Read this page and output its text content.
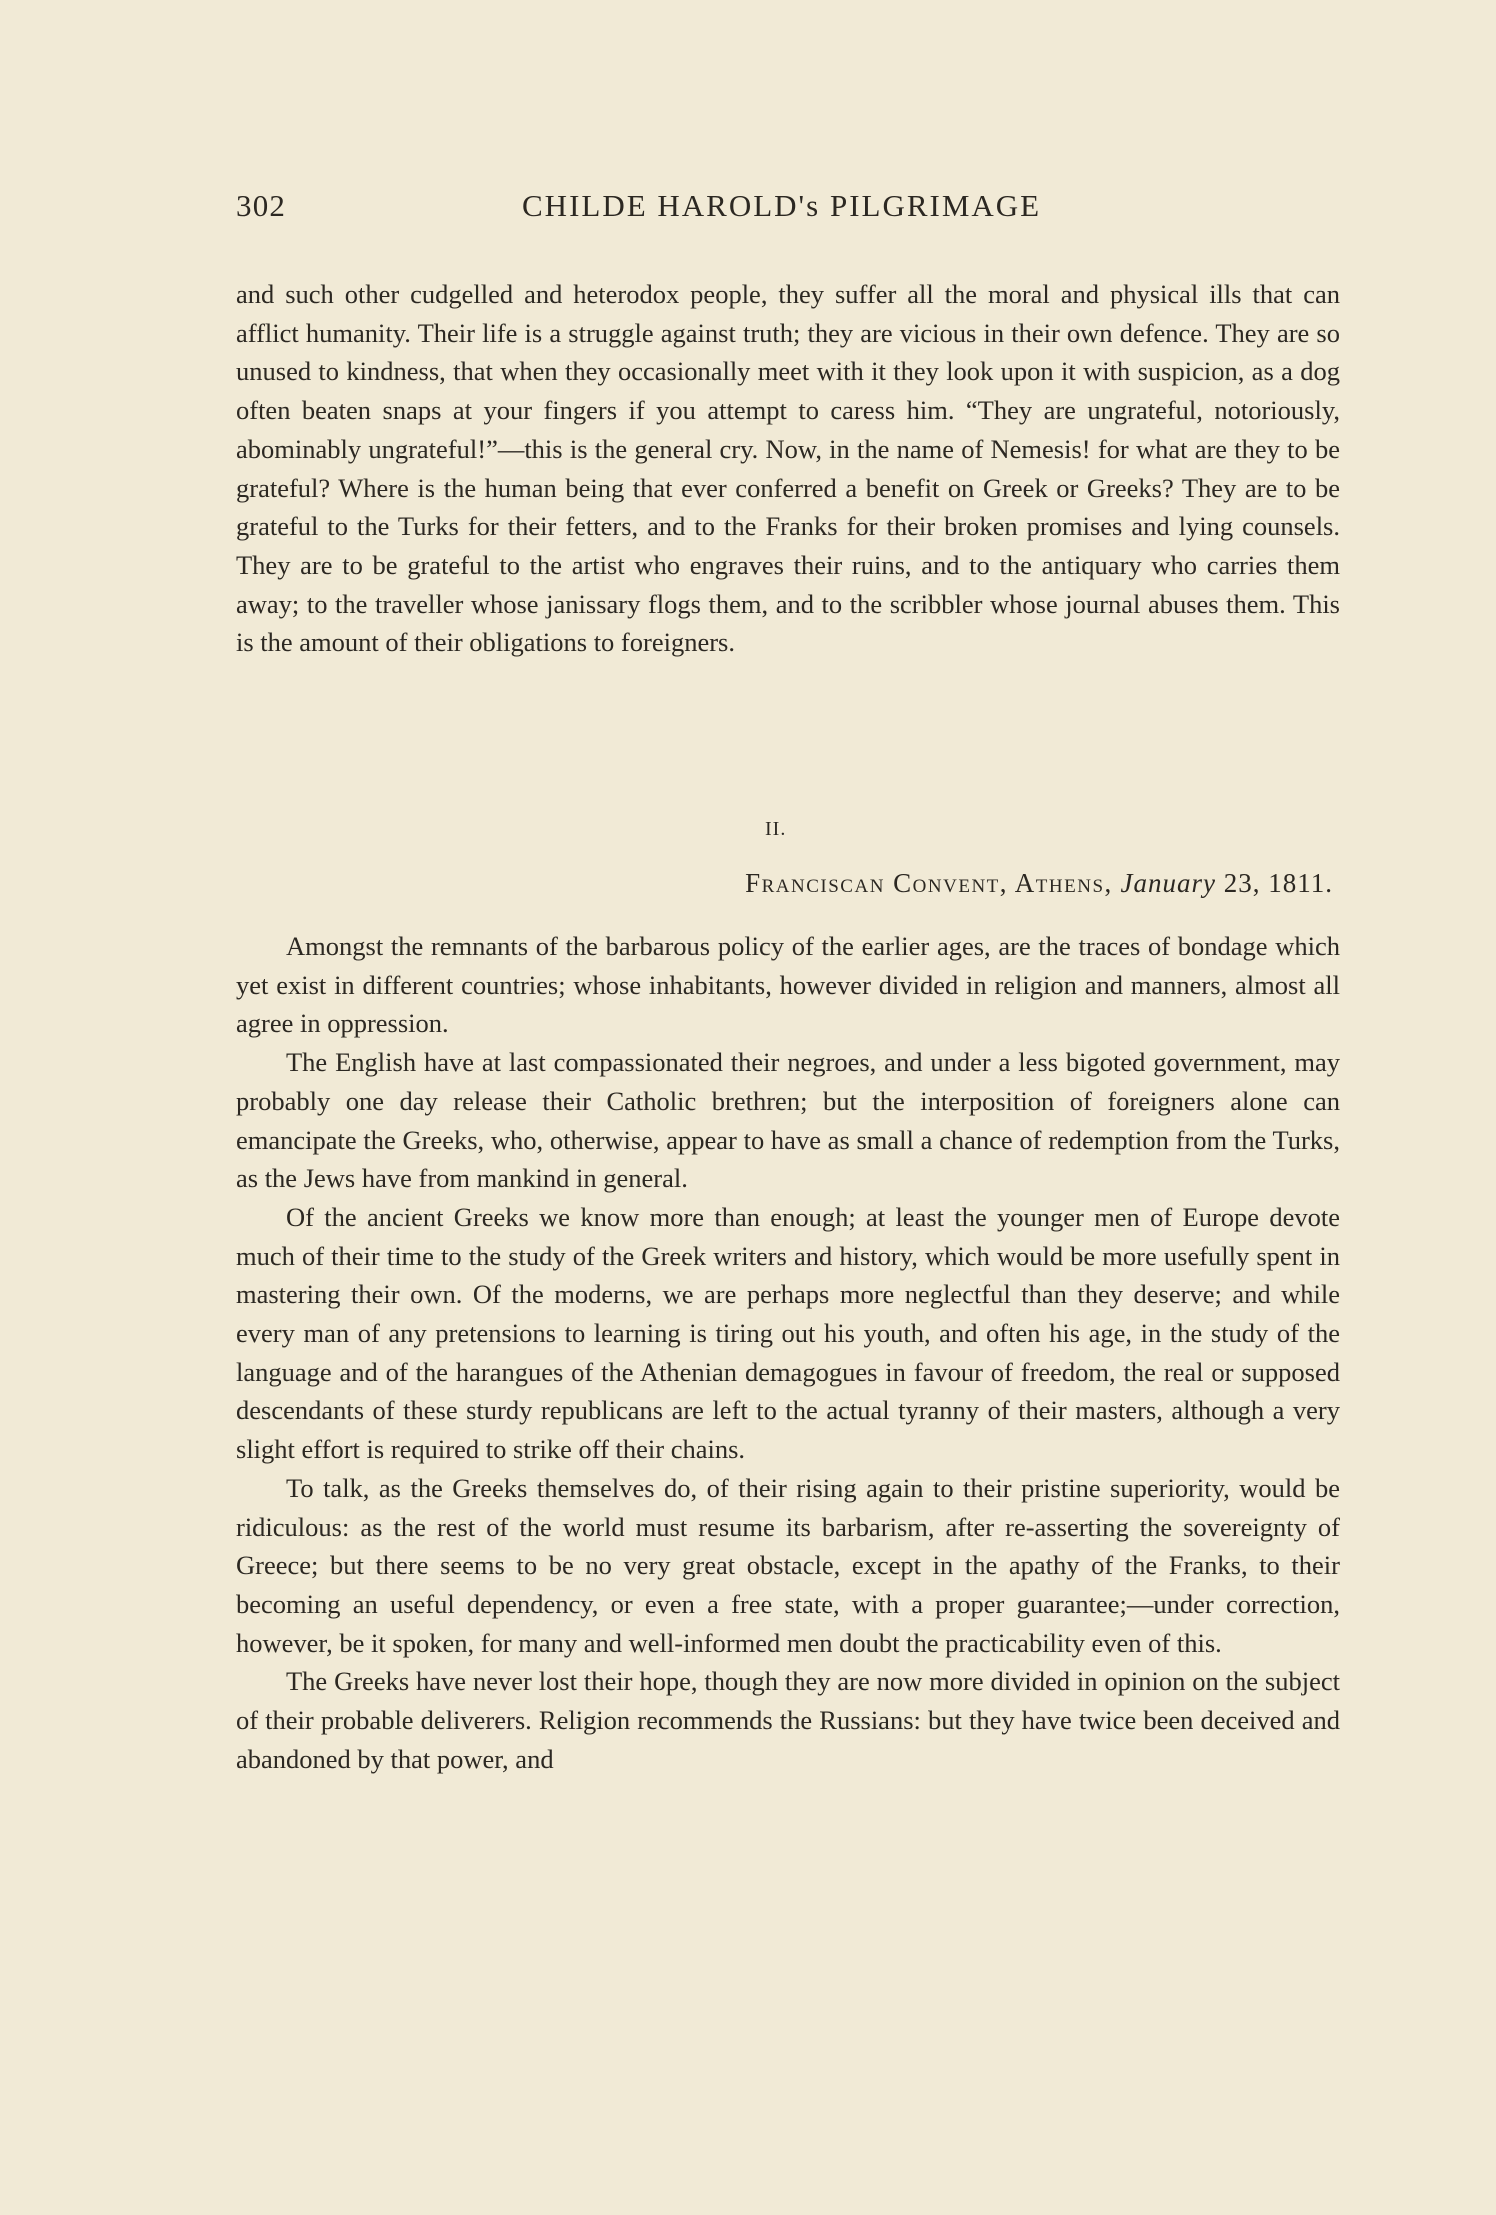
302	CHILDE HAROLD's PILGRIMAGE

and such other cudgelled and heterodox people, they suffer all the moral and physical ills that can afflict humanity. Their life is a struggle against truth; they are vicious in their own defence. They are so unused to kindness, that when they occasionally meet with it they look upon it with suspicion, as a dog often beaten snaps at your fingers if you attempt to caress him. “They are ungrateful, notoriously, abominably ungrateful!”—this is the general cry. Now, in the name of Nemesis! for what are they to be grateful? Where is the human being that ever conferred a benefit on Greek or Greeks? They are to be grateful to the Turks for their fetters, and to the Franks for their broken promises and lying counsels. They are to be grateful to the artist who engraves their ruins, and to the antiquary who carries them away; to the traveller whose janissary flogs them, and to the scribbler whose journal abuses them. This is the amount of their obligations to foreigners.

II.
Franciscan Convent, Athens, January 23, 1811.

Amongst the remnants of the barbarous policy of the earlier ages, are the traces of bondage which yet exist in different countries; whose inhabitants, however divided in religion and manners, almost all agree in oppression.

The English have at last compassionated their negroes, and under a less bigoted government, may probably one day release their Catholic brethren; but the interposition of foreigners alone can emancipate the Greeks, who, otherwise, appear to have as small a chance of redemption from the Turks, as the Jews have from mankind in general.

Of the ancient Greeks we know more than enough; at least the younger men of Europe devote much of their time to the study of the Greek writers and history, which would be more usefully spent in mastering their own. Of the moderns, we are perhaps more neglectful than they deserve; and while every man of any pretensions to learning is tiring out his youth, and often his age, in the study of the language and of the harangues of the Athenian demagogues in favour of freedom, the real or supposed descendants of these sturdy republicans are left to the actual tyranny of their masters, although a very slight effort is required to strike off their chains.

To talk, as the Greeks themselves do, of their rising again to their pristine superiority, would be ridiculous: as the rest of the world must resume its barbarism, after re-asserting the sovereignty of Greece; but there seems to be no very great obstacle, except in the apathy of the Franks, to their becoming an useful dependency, or even a free state, with a proper guarantee;—under correction, however, be it spoken, for many and well-informed men doubt the practicability even of this.

The Greeks have never lost their hope, though they are now more divided in opinion on the subject of their probable deliverers. Religion recommends the Russians: but they have twice been deceived and abandoned by that power, and
